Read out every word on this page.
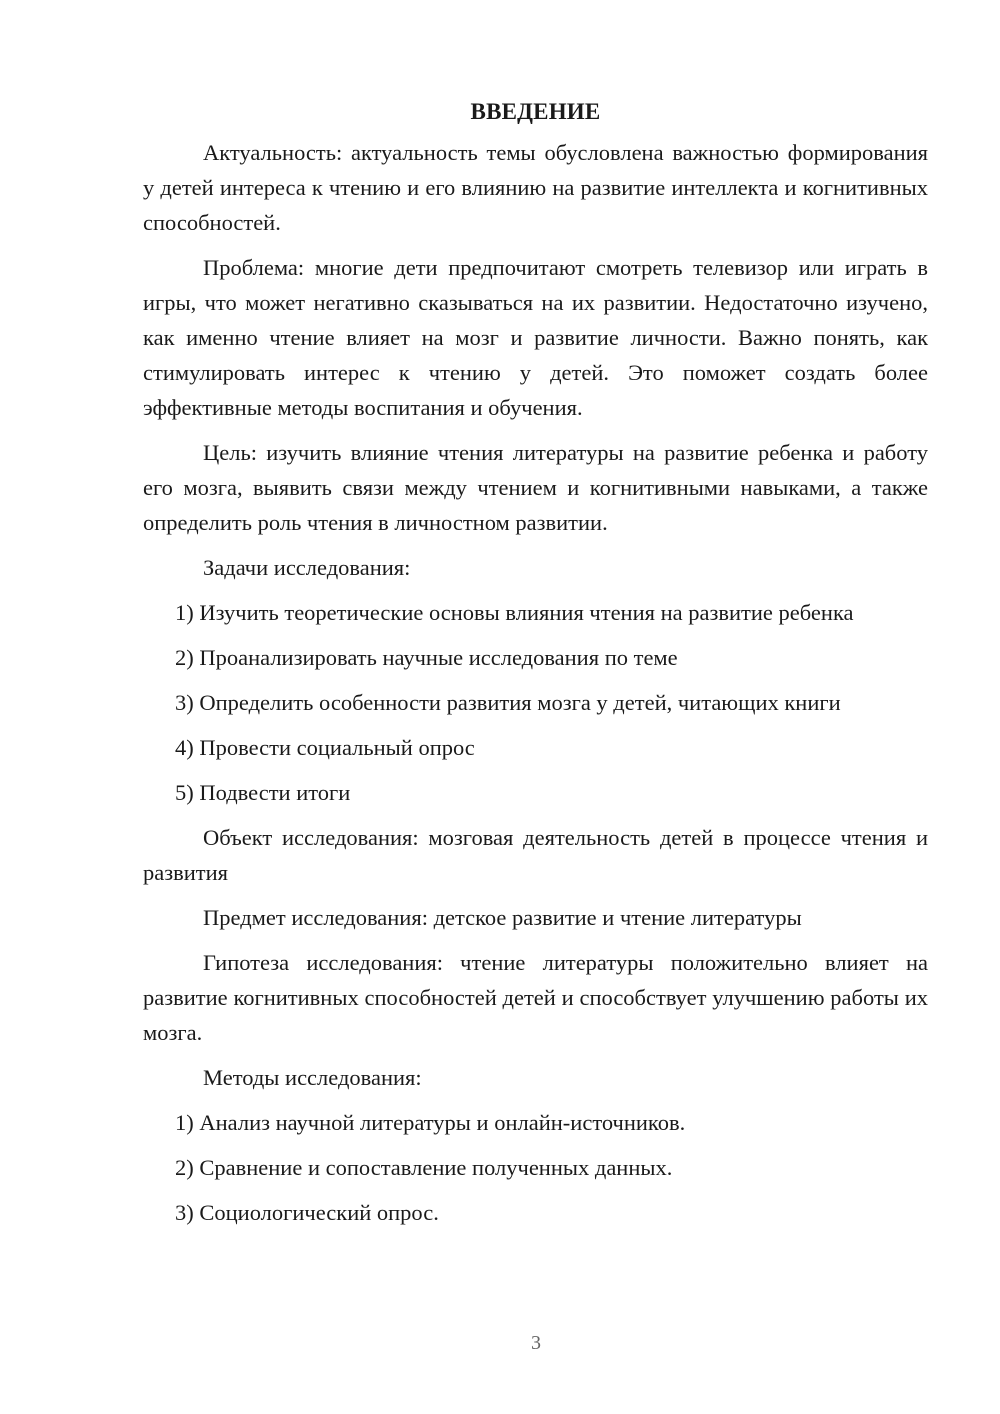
ВВЕДЕНИЕ

Актуальность: актуальность темы обусловлена важностью формирования у детей интереса к чтению и его влиянию на развитие интеллекта и когнитивных способностей.

Проблема: многие дети предпочитают смотреть телевизор или играть в игры, что может негативно сказываться на их развитии. Недостаточно изучено, как именно чтение влияет на мозг и развитие личности. Важно понять, как стимулировать интерес к чтению у детей. Это поможет создать более эффективные методы воспитания и обучения.

Цель: изучить влияние чтения литературы на развитие ребенка и работу его мозга, выявить связи между чтением и когнитивными навыками, а также определить роль чтения в личностном развитии.

Задачи исследования:

1) Изучить теоретические основы влияния чтения на развитие ребенка
2) Проанализировать научные исследования по теме
3) Определить особенности развития мозга у детей, читающих книги
4) Провести социальный опрос
5) Подвести итоги

Объект исследования: мозговая деятельность детей в процессе чтения и развития

Предмет исследования: детское развитие и чтение литературы

Гипотеза исследования: чтение литературы положительно влияет на развитие когнитивных способностей детей и способствует улучшению работы их мозга.

Методы исследования:

1) Анализ научной литературы и онлайн-источников.
2) Сравнение и сопоставление полученных данных.
3) Социологический опрос.
3
